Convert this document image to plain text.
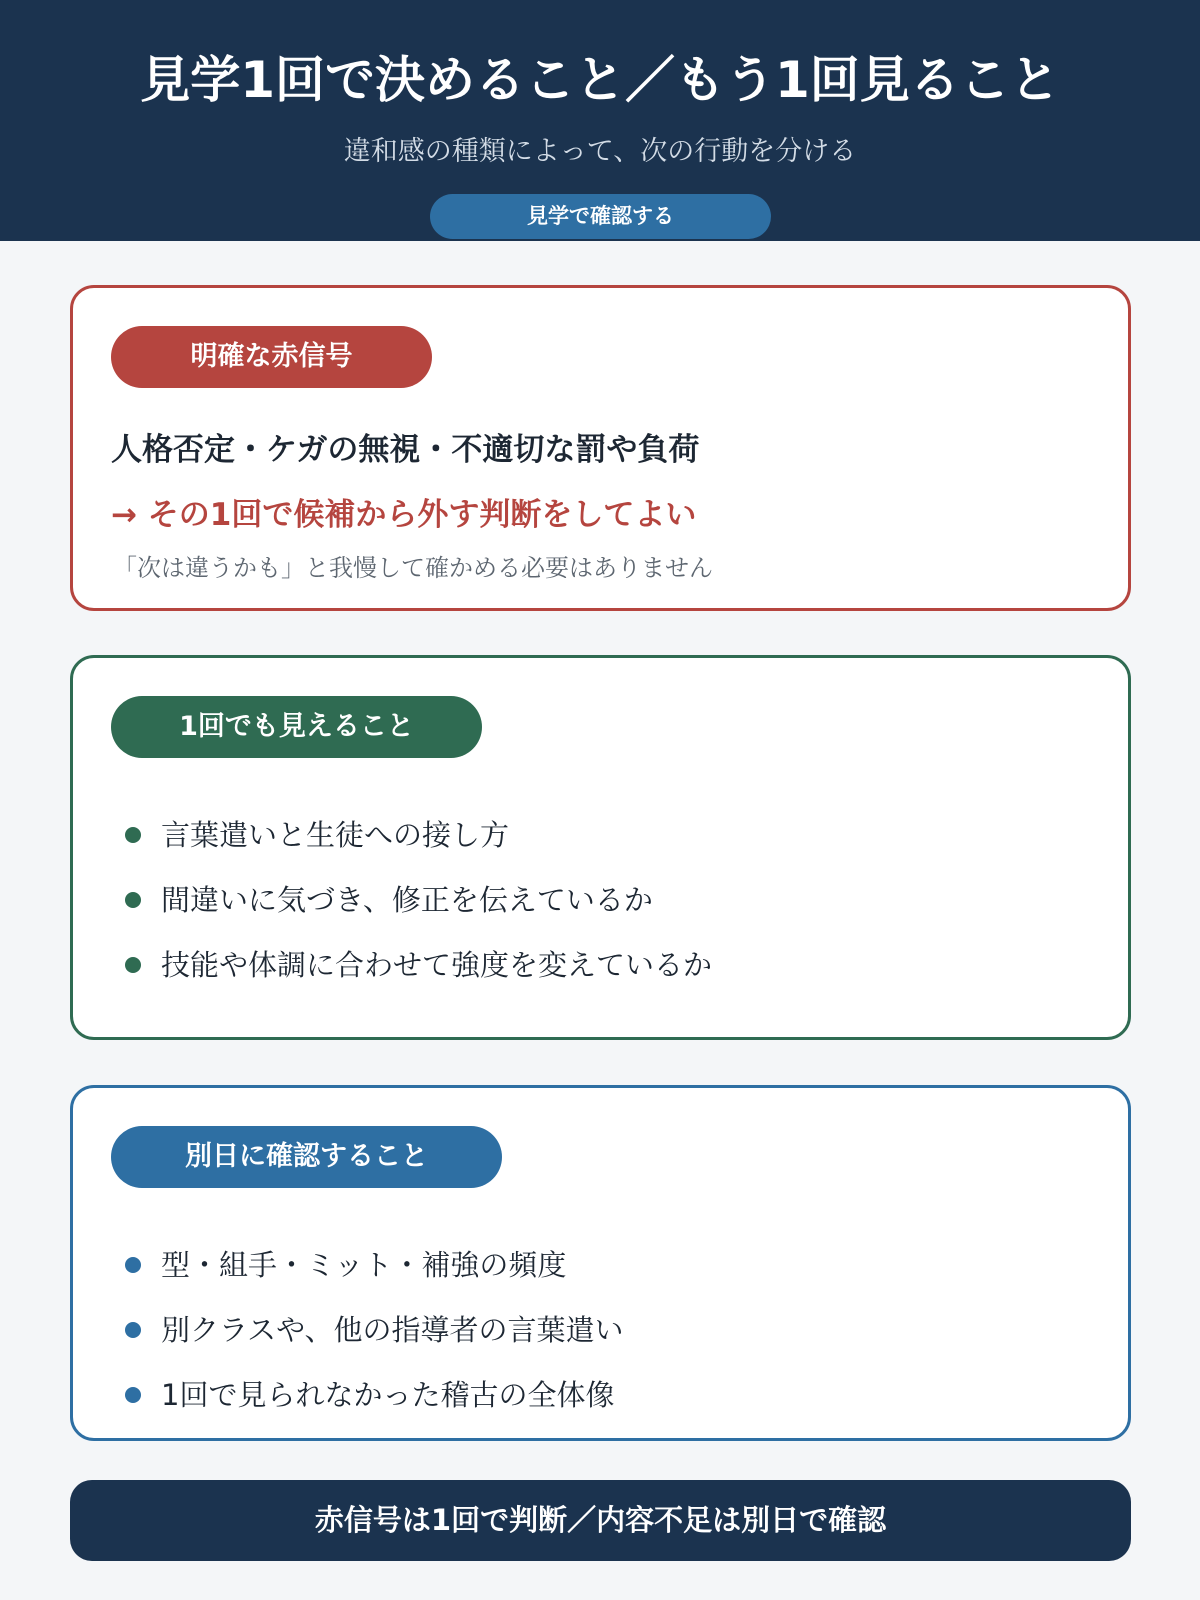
見学1回で決めること／もう1回見ること

違和感の種類によって、次の行動を分ける

見学で確認する
明確な赤信号

人格否定・ケガの無視・不適切な罰や負荷

→ その1回で候補から外す判断をしてよい

「次は違うかも」と我慢して確かめる必要はありません

1回でも見えること
言葉遣いと生徒への接し方
間違いに気づき、修正を伝えているか
技能や体調に合わせて強度を変えているか
別日に確認すること
型・組手・ミット・補強の頻度
別クラスや、他の指導者の言葉遣い
1回で見られなかった稽古の全体像
赤信号は1回で判断／内容不足は別日で確認
